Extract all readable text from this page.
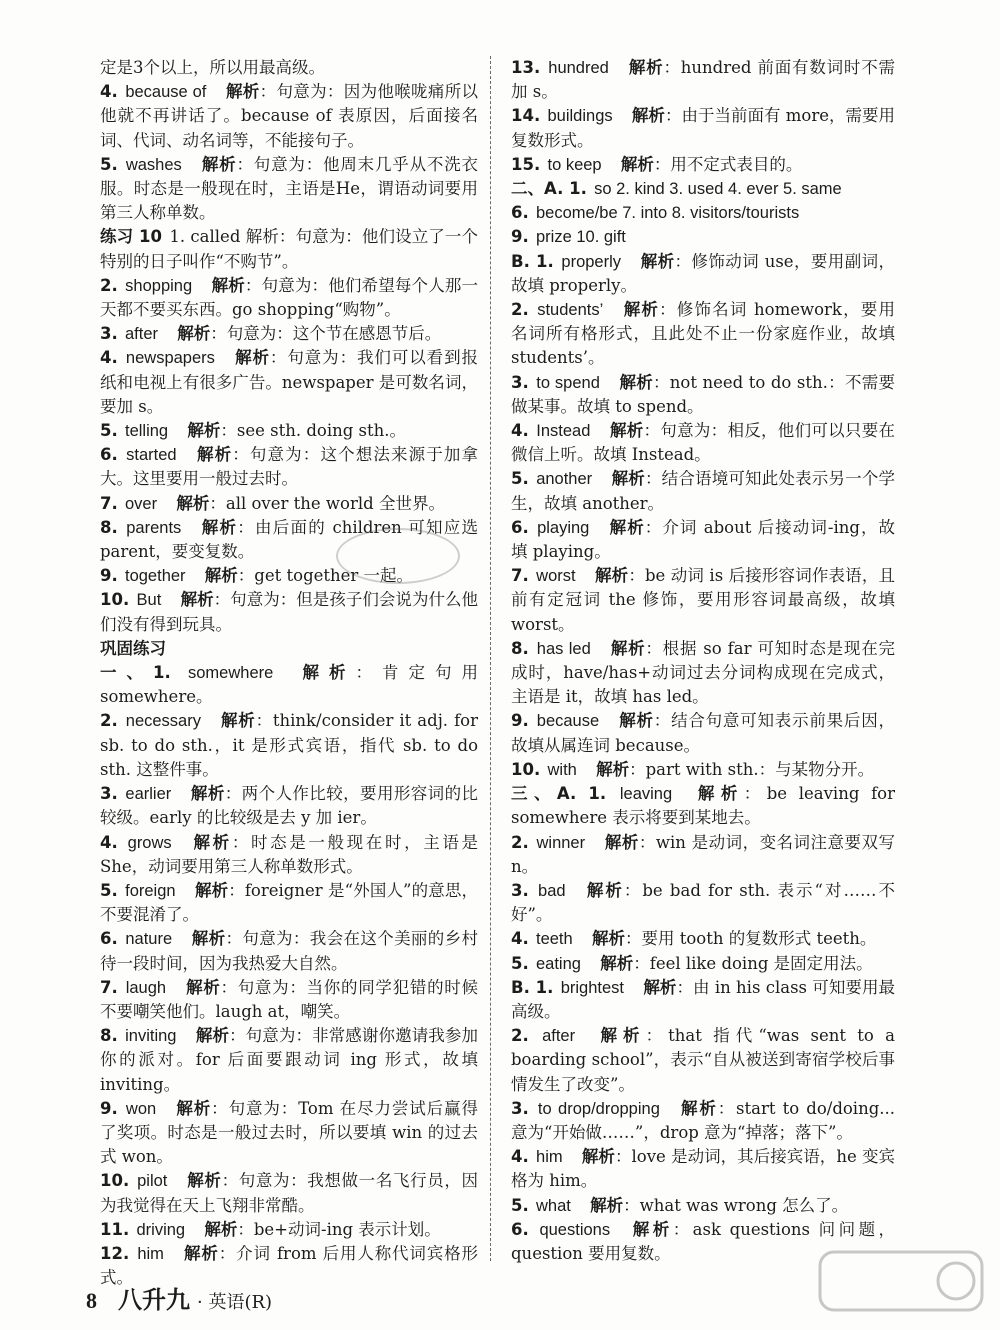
定是3个以上，所以用最高级。

4. because of 解析：句意为：因为他喉咙痛所以他就不再讲话了。because of 表原因，后面接名词、代词、动名词等，不能接句子。

5. washes 解析：句意为：他周末几乎从不洗衣服。时态是一般现在时，主语是He，谓语动词要用第三人称单数。

练习 10 1. called 解析：句意为：他们设立了一个特别的日子叫作“不购节”。

2. shopping 解析：句意为：他们希望每个人那一天都不要买东西。go shopping“购物”。

3. after 解析：句意为：这个节在感恩节后。

4. newspapers 解析：句意为：我们可以看到报纸和电视上有很多广告。newspaper 是可数名词，要加 s。

5. telling 解析：see sth. doing sth.。

6. started 解析：句意为：这个想法来源于加拿大。这里要用一般过去时。

7. over 解析：all over the world 全世界。

8. parents 解析：由后面的 children 可知应选 parent，要变复数。

9. together 解析：get together 一起。

10. But 解析：句意为：但是孩子们会说为什么他们没有得到玩具。

巩固练习

一、1. somewhere 解析：肯定句用 somewhere。

2. necessary 解析：think/consider it adj. for sb. to do sth.，it 是形式宾语，指代 sb. to do sth. 这整件事。

3. earlier 解析：两个人作比较，要用形容词的比较级。early 的比较级是去 y 加 ier。

4. grows 解析：时态是一般现在时，主语是She，动词要用第三人称单数形式。

5. foreign 解析：foreigner 是“外国人”的意思，不要混淆了。

6. nature 解析：句意为：我会在这个美丽的乡村待一段时间，因为我热爱大自然。

7. laugh 解析：句意为：当你的同学犯错的时候不要嘲笑他们。laugh at，嘲笑。

8. inviting 解析：句意为：非常感谢你邀请我参加你的派对。for 后面要跟动词 ing 形式，故填 inviting。

9. won 解析：句意为：Tom 在尽力尝试后赢得了奖项。时态是一般过去时，所以要填 win 的过去式 won。

10. pilot 解析：句意为：我想做一名飞行员，因为我觉得在天上飞翔非常酷。

11. driving 解析：be+动词-ing 表示计划。

12. him 解析：介词 from 后用人称代词宾格形式。

13. hundred 解析：hundred 前面有数词时不需加 s。

14. buildings 解析：由于当前面有 more，需要用复数形式。

15. to keep 解析：用不定式表目的。

二、A. 1. so 2. kind 3. used 4. ever 5. same

6. become/be 7. into 8. visitors/tourists

9. prize 10. gift

B. 1. properly 解析：修饰动词 use，要用副词，故填 properly。

2. students’ 解析：修饰名词 homework，要用名词所有格形式，且此处不止一份家庭作业，故填 students’。

3. to spend 解析：not need to do sth.：不需要做某事。故填 to spend。

4. Instead 解析：句意为：相反，他们可以只要在微信上听。故填 Instead。

5. another 解析：结合语境可知此处表示另一个学生，故填 another。

6. playing 解析：介词 about 后接动词-ing，故填 playing。

7. worst 解析：be 动词 is 后接形容词作表语，且前有定冠词 the 修饰，要用形容词最高级，故填 worst。

8. has led 解析：根据 so far 可知时态是现在完成时，have/has+动词过去分词构成现在完成式，主语是 it，故填 has led。

9. because 解析：结合句意可知表示前果后因，故填从属连词 because。

10. with 解析：part with sth.：与某物分开。

三、A. 1. leaving 解析：be leaving for somewhere 表示将要到某地去。

2. winner 解析：win 是动词，变名词注意要双写 n。

3. bad 解析：be bad for sth. 表示“对……不好”。

4. teeth 解析：要用 tooth 的复数形式 teeth。

5. eating 解析：feel like doing 是固定用法。

B. 1. brightest 解析：由 in his class 可知要用最高级。

2. after 解析：that 指代“was sent to a boarding school”，表示“自从被送到寄宿学校后事情发生了改变”。

3. to drop/dropping 解析：start to do/doing... 意为“开始做……”，drop 意为“掉落；落下”。

4. him 解析：love 是动词，其后接宾语，he 变宾格为 him。

5. what 解析：what was wrong 怎么了。

6. questions 解析：ask questions 问问题，question 要用复数。

8 八升九 · 英语(R)
